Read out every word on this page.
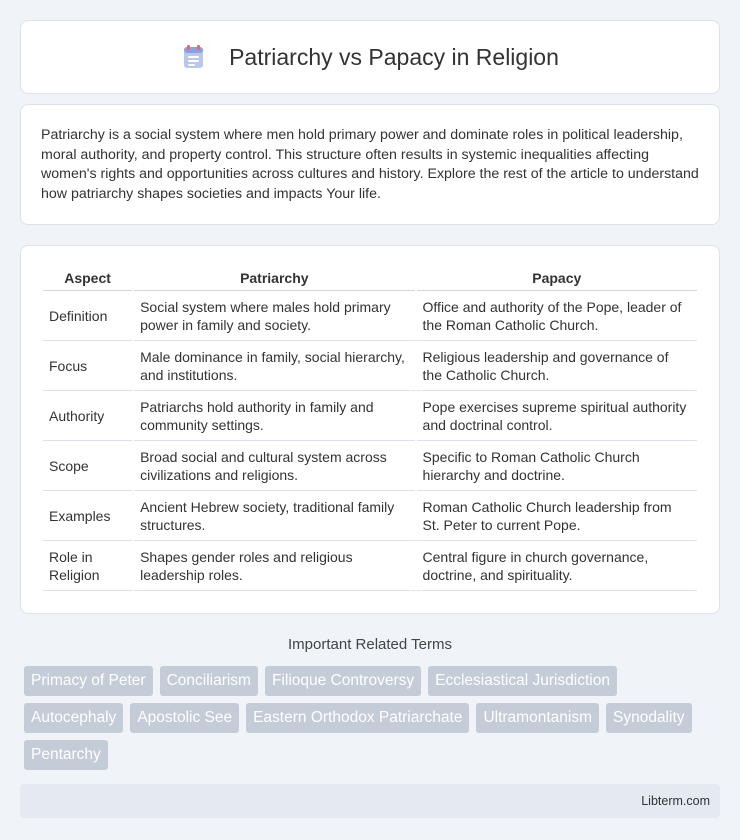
Patriarchy vs Papacy in Religion

Patriarchy is a social system where men hold primary power and dominate roles in political leadership, moral authority, and property control. This structure often results in systemic inequalities affecting women's rights and opportunities across cultures and history. Explore the rest of the article to understand how patriarchy shapes societies and impacts Your life.

Aspect	Patriarchy	Papacy
Definition	Social system where males hold primary power in family and society.	Office and authority of the Pope, leader of the Roman Catholic Church.
Focus	Male dominance in family, social hierarchy, and institutions.	Religious leadership and governance of the Catholic Church.
Authority	Patriarchs hold authority in family and community settings.	Pope exercises supreme spiritual authority and doctrinal control.
Scope	Broad social and cultural system across civilizations and religions.	Specific to Roman Catholic Church hierarchy and doctrine.
Examples	Ancient Hebrew society, traditional family structures.	Roman Catholic Church leadership from St. Peter to current Pope.
Role in Religion	Shapes gender roles and religious leadership roles.	Central figure in church governance, doctrine, and spirituality.
Important Related Terms
Primacy of Peter	Conciliarism	Filioque Controversy	Ecclesiastical Jurisdiction
Autocephaly	Apostolic See	Eastern Orthodox Patriarchate	Ultramontanism	Synodality
Pentarchy
Libterm.com
